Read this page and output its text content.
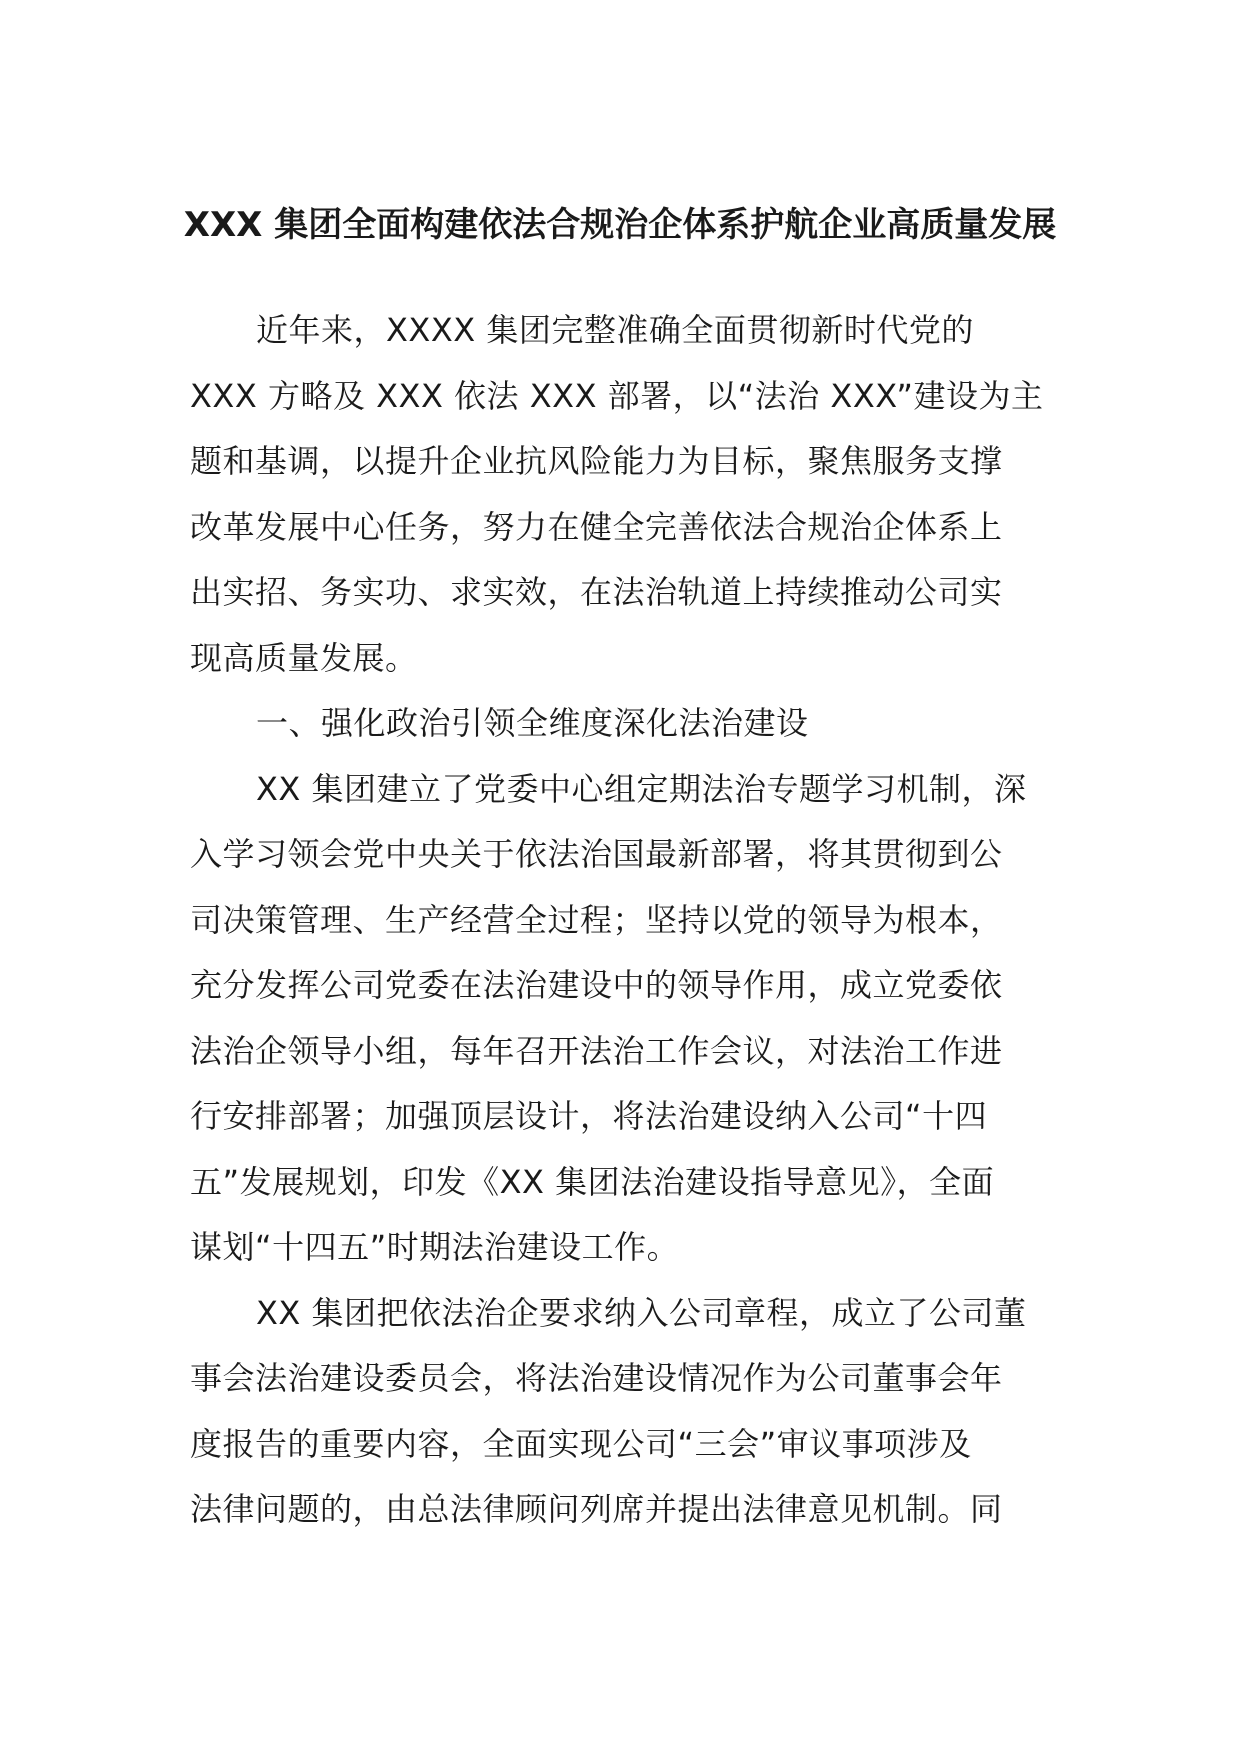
XXX 集团全面构建依法合规治企体系护航企业高质量发展
近年来，XXXX 集团完整准确全面贯彻新时代党的
XXX 方略及 XXX 依法 XXX 部署，以“法治 XXX”建设为主
题和基调，以提升企业抗风险能力为目标，聚焦服务支撑
改革发展中心任务，努力在健全完善依法合规治企体系上
出实招、务实功、求实效，在法治轨道上持续推动公司实
现高质量发展。
一、强化政治引领全维度深化法治建设
XX 集团建立了党委中心组定期法治专题学习机制，深
入学习领会党中央关于依法治国最新部署，将其贯彻到公
司决策管理、生产经营全过程；坚持以党的领导为根本，
充分发挥公司党委在法治建设中的领导作用，成立党委依
法治企领导小组，每年召开法治工作会议，对法治工作进
行安排部署；加强顶层设计，将法治建设纳入公司“十四
五”发展规划，印发《XX 集团法治建设指导意见》，全面
谋划“十四五”时期法治建设工作。
XX 集团把依法治企要求纳入公司章程，成立了公司董
事会法治建设委员会，将法治建设情况作为公司董事会年
度报告的重要内容，全面实现公司“三会”审议事项涉及
法律问题的，由总法律顾问列席并提出法律意见机制。同
